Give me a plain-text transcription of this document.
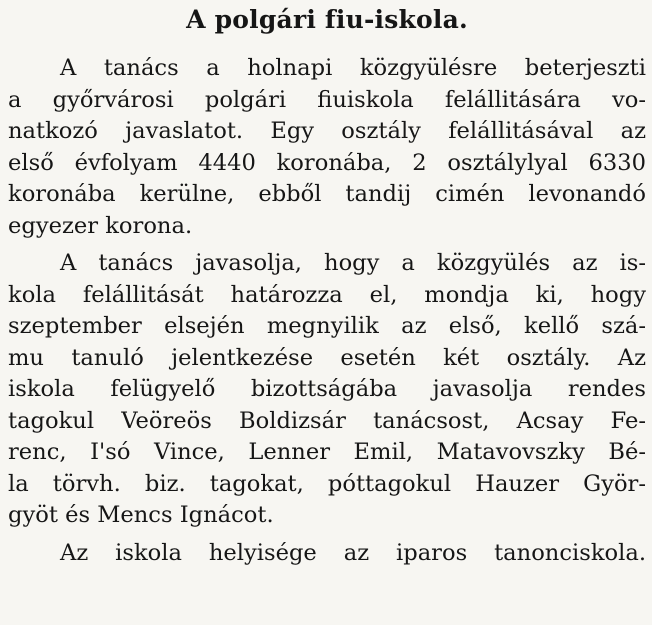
A polgári fiu-iskola.
A tanács a holnapi közgyülésre beterjeszti
a győrvárosi polgári fiuiskola felállitására vo-
natkozó javaslatot. Egy osztály felállitásával az
első évfolyam 4440 koronába, 2 osztálylyal 6330
koronába kerülne, ebből tandij cimén levonandó
egyezer korona.
A tanács javasolja, hogy a közgyülés az is-
kola felállitását határozza el, mondja ki, hogy
szeptember elsején megnyilik az első, kellő szá-
mu tanuló jelentkezése esetén két osztály. Az
iskola felügyelő bizottságába javasolja rendes
tagokul Veöreös Boldizsár tanácsost, Acsay Fe-
renc, I'só Vince, Lenner Emil, Matavovszky Bé-
la törvh. biz. tagokat, póttagokul Hauzer Györ-
gyöt és Mencs Ignácot.
Az iskola helyisége az iparos tanonciskola.
